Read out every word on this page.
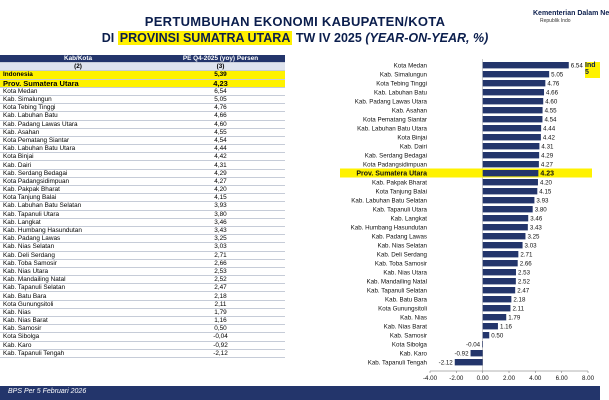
PERTUMBUHAN EKONOMI KABUPATEN/KOTA
DI PROVINSI SUMATRA UTARA TW IV 2025 (YEAR-ON-YEAR, %)
Kementerian Dalam Ne
Republik Indo
Kab/Kota	PE Q4-2025 (yoy) Persen
(2)	(3)
Indonesia	5,39
Prov. Sumatera Utara	4,23
Kota Medan	6,54
Kab. Simalungun	5,05
Kota Tebing Tinggi	4,76
Kab. Labuhan Batu	4,66
Kab. Padang Lawas Utara	4,60
Kab. Asahan	4,55
Kota Pematang Siantar	4,54
Kab. Labuhan Batu Utara	4,44
Kota Binjai	4,42
Kab. Dairi	4,31
Kab. Serdang Bedagai	4,29
Kota Padangsidimpuan	4,27
Kab. Pakpak Bharat	4,20
Kota Tanjung Balai	4,15
Kab. Labuhan Batu Selatan	3,93
Kab. Tapanuli Utara	3,80
Kab. Langkat	3,46
Kab. Humbang Hasundutan	3,43
Kab. Padang Lawas	3,25
Kab. Nias Selatan	3,03
Kab. Deli Serdang	2,71
Kab. Toba Samosir	2,66
Kab. Nias Utara	2,53
Kab. Mandailing Natal	2,52
Kab. Tapanuli Selatan	2,47
Kab. Batu Bara	2,18
Kota Gunungsitoli	2,11
Kab. Nias	1,79
Kab. Nias Barat	1,16
Kab. Samosir	0,50
Kota Sibolga	-0,04
Kab. Karo	-0,92
Kab. Tapanuli Tengah	-2,12
Kota Medan	6.54
Kab. Simalungun	5.05
Kota Tebing Tinggi	4.76
Kab. Labuhan Batu	4.66
Kab. Padang Lawas Utara	4.60
Kab. Asahan	4.55
Kota Pematang Siantar	4.54
Kab. Labuhan Batu Utara	4.44
Kota Binjai	4.42
Kab. Dairi	4.31
Kab. Serdang Bedagai	4.29
Kota Padangsidimpuan	4.27
Prov. Sumatera Utara	4.23
Kab. Pakpak Bharat	4.20
Kota Tanjung Balai	4.15
Kab. Labuhan Batu Selatan	3.93
Kab. Tapanuli Utara	3.80
Kab. Langkat	3.46
Kab. Humbang Hasundutan	3.43
Kab. Padang Lawas	3.25
Kab. Nias Selatan	3.03
Kab. Deli Serdang	2.71
Kab. Toba Samosir	2.66
Kab. Nias Utara	2.53
Kab. Mandailing Natal	2.52
Kab. Tapanuli Selatan	2.47
Kab. Batu Bara	2.18
Kota Gunungsitoli	2.11
Kab. Nias	1.79
Kab. Nias Barat	1.16
Kab. Samosir	0.50
Kota Sibolga	-0.04
Kab. Karo	-0.92
Kab. Tapanuli Tengah -2.12
-4.00 -2.00 0.00 2.00 4.00 6.00 8.00
Ind 5
BPS Per 5 Februari 2026
